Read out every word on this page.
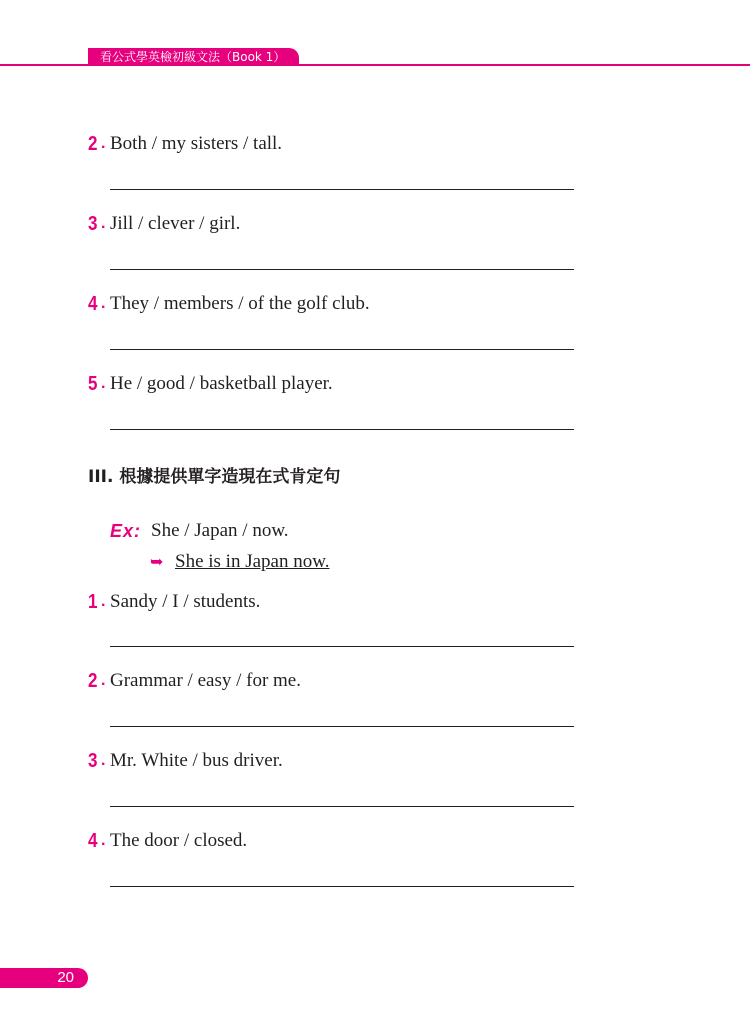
看公式學英檢初級文法（Book 1）
2 . Both / my sisters / tall.
3 . Jill / clever / girl.
4 . They / members / of the golf club.
5 . He / good / basketball player.
III. 根據提供單字造現在式肯定句
Ex: She / Japan / now.
➥ She is in Japan now.
1 . Sandy / I / students.
2 . Grammar / easy / for me.
3 . Mr. White / bus driver.
4 . The door / closed.
20
